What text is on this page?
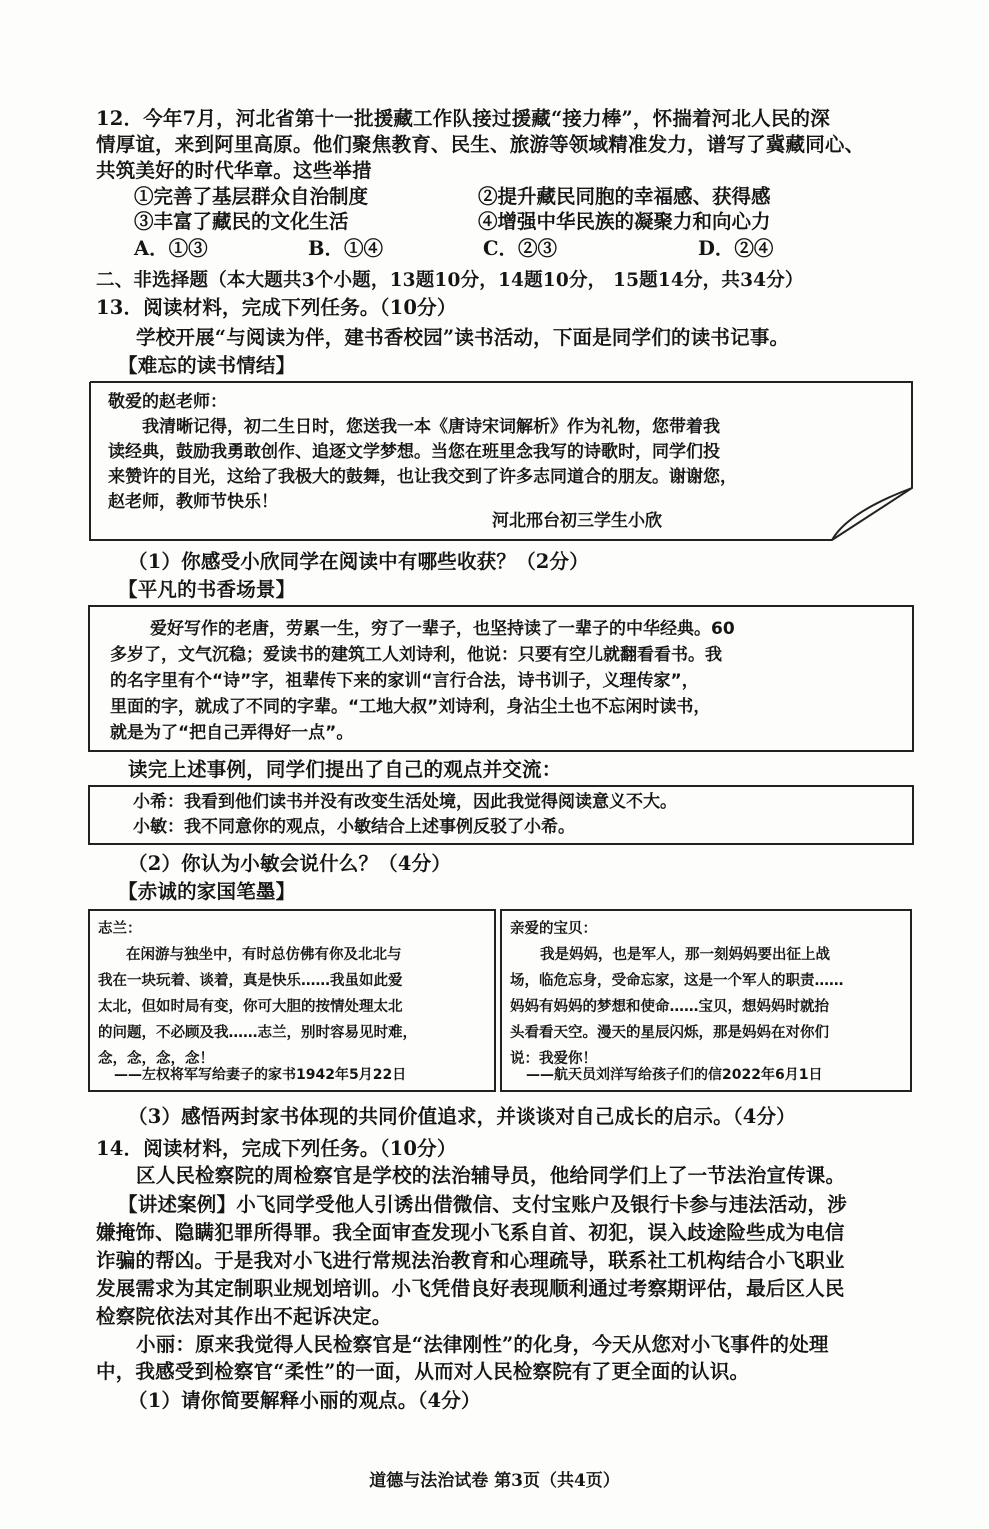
12．今年7月，河北省第十一批援藏工作队接过援藏“接力棒”，怀揣着河北人民的深
情厚谊，来到阿里高原。他们聚焦教育、民生、旅游等领域精准发力，谱写了冀藏同心、
共筑美好的时代华章。这些举措
①完善了基层群众自治制度	②提升藏民同胞的幸福感、获得感
③丰富了藏民的文化生活	④增强中华民族的凝聚力和向心力
A．①③	B．①④	C．②③	D．②④
二、非选择题（本大题共3个小题，13题10分，14题10分， 15题14分，共34分）
13．阅读材料，完成下列任务。（10分）
学校开展“与阅读为伴，建书香校园”读书活动，下面是同学们的读书记事。
【难忘的读书情结】
敬爱的赵老师：
我清晰记得，初二生日时，您送我一本《唐诗宋词解析》作为礼物，您带着我
读经典，鼓励我勇敢创作、追逐文学梦想。当您在班里念我写的诗歌时，同学们投
来赞许的目光，这给了我极大的鼓舞，也让我交到了许多志同道合的朋友。谢谢您，
赵老师，教师节快乐！
河北邢台初三学生小欣
（1）你感受小欣同学在阅读中有哪些收获？（2分）
【平凡的书香场景】
爱好写作的老唐，劳累一生，穷了一辈子，也坚持读了一辈子的中华经典。60
多岁了，文气沉稳；爱读书的建筑工人刘诗利，他说：只要有空儿就翻看看书。我
的名字里有个“诗”字，祖辈传下来的家训“言行合法，诗书训子，义理传家”，
里面的字，就成了不同的字辈。“工地大叔”刘诗利，身沾尘土也不忘闲时读书，
就是为了“把自己弄得好一点”。
读完上述事例，同学们提出了自己的观点并交流：
小希：我看到他们读书并没有改变生活处境，因此我觉得阅读意义不大。
小敏：我不同意你的观点，小敏结合上述事例反驳了小希。
（2）你认为小敏会说什么？（4分）
【赤诚的家国笔墨】
志兰：
在闲游与独坐中，有时总仿佛有你及北北与
我在一块玩着、谈着，真是快乐……我虽如此爱
太北，但如时局有变，你可大胆的按情处理太北
的问题，不必顾及我……志兰，别时容易见时难，
念，念，念，念！
——左权将军写给妻子的家书1942年5月22日
亲爱的宝贝：
我是妈妈，也是军人，那一刻妈妈要出征上战
场，临危忘身，受命忘家，这是一个军人的职责……
妈妈有妈妈的梦想和使命……宝贝，想妈妈时就抬
头看看天空。漫天的星辰闪烁，那是妈妈在对你们
说：我爱你！
——航天员刘洋写给孩子们的信2022年6月1日
（3）感悟两封家书体现的共同价值追求，并谈谈对自己成长的启示。（4分）
14．阅读材料，完成下列任务。（10分）
区人民检察院的周检察官是学校的法治辅导员，他给同学们上了一节法治宣传课。
【讲述案例】小飞同学受他人引诱出借微信、支付宝账户及银行卡参与违法活动，涉
嫌掩饰、隐瞒犯罪所得罪。我全面审查发现小飞系自首、初犯，误入歧途险些成为电信
诈骗的帮凶。于是我对小飞进行常规法治教育和心理疏导，联系社工机构结合小飞职业
发展需求为其定制职业规划培训。小飞凭借良好表现顺利通过考察期评估，最后区人民
检察院依法对其作出不起诉决定。
小丽：原来我觉得人民检察官是“法律刚性”的化身，今天从您对小飞事件的处理
中，我感受到检察官“柔性”的一面，从而对人民检察院有了更全面的认识。
（1）请你简要解释小丽的观点。（4分）
道德与法治试卷 第3页（共4页）
